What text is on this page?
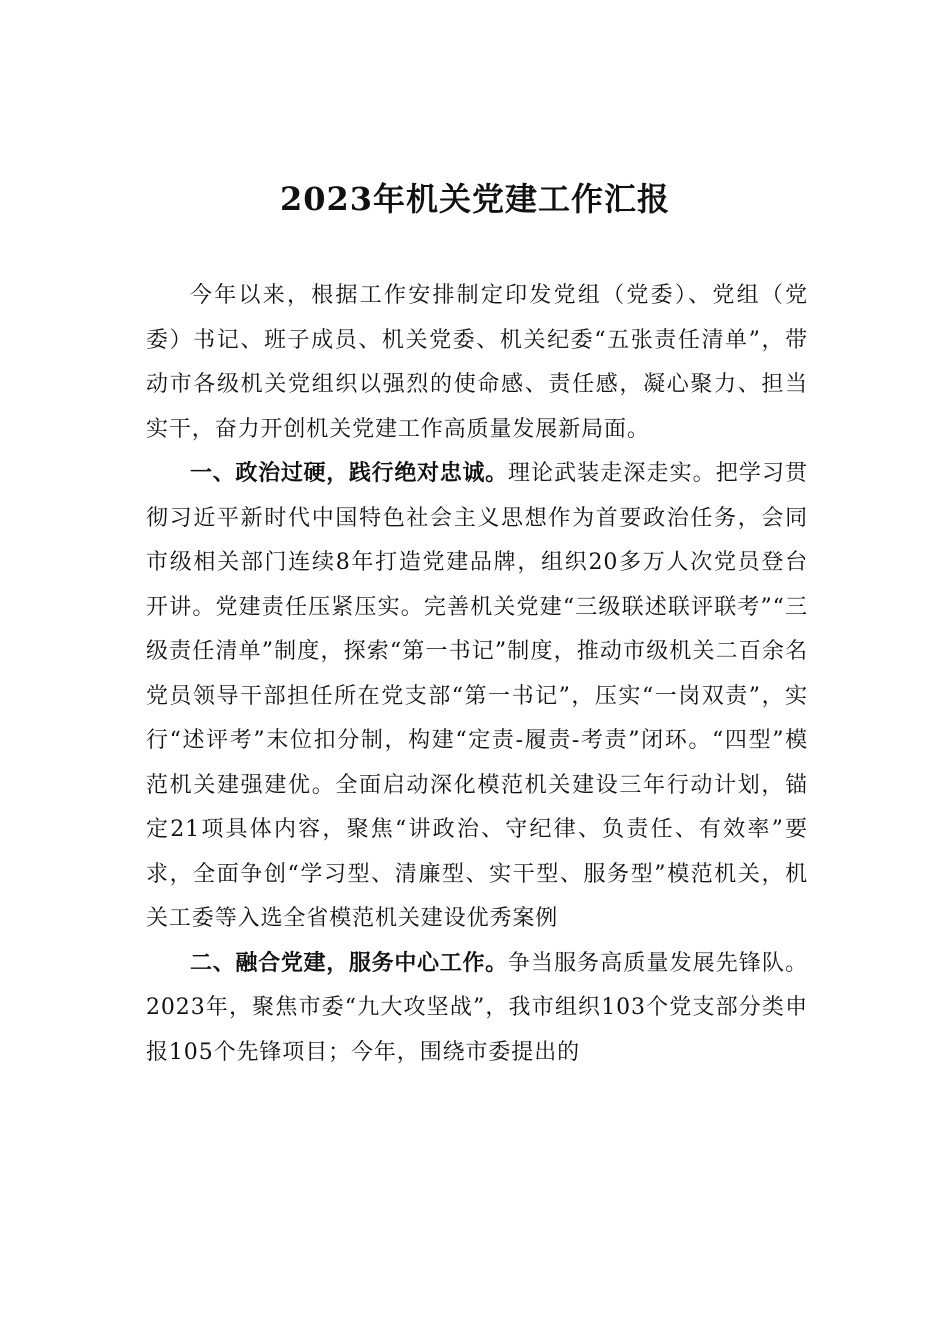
2023年机关党建工作汇报

今年以来，根据工作安排制定印发党组（党委）、党组（党委）书记、班子成员、机关党委、机关纪委“五张责任清单”，带动市各级机关党组织以强烈的使命感、责任感，凝心聚力、担当实干，奋力开创机关党建工作高质量发展新局面。

一、政治过硬，践行绝对忠诚。理论武装走深走实。把学习贯彻习近平新时代中国特色社会主义思想作为首要政治任务，会同市级相关部门连续8年打造党建品牌，组织20多万人次党员登台开讲。党建责任压紧压实。完善机关党建“三级联述联评联考”“三级责任清单”制度，探索“第一书记”制度，推动市级机关二百余名党员领导干部担任所在党支部“第一书记”，压实“一岗双责”，实行“述评考”末位扣分制，构建“定责-履责-考责”闭环。“四型”模范机关建强建优。全面启动深化模范机关建设三年行动计划，锚定21项具体内容，聚焦“讲政治、守纪律、负责任、有效率”要求，全面争创“学习型、清廉型、实干型、服务型”模范机关，机关工委等入选全省模范机关建设优秀案例

二、融合党建，服务中心工作。争当服务高质量发展先锋队。2023年，聚焦市委“九大攻坚战”，我市组织103个党支部分类申报105个先锋项目；今年，围绕市委提出的
